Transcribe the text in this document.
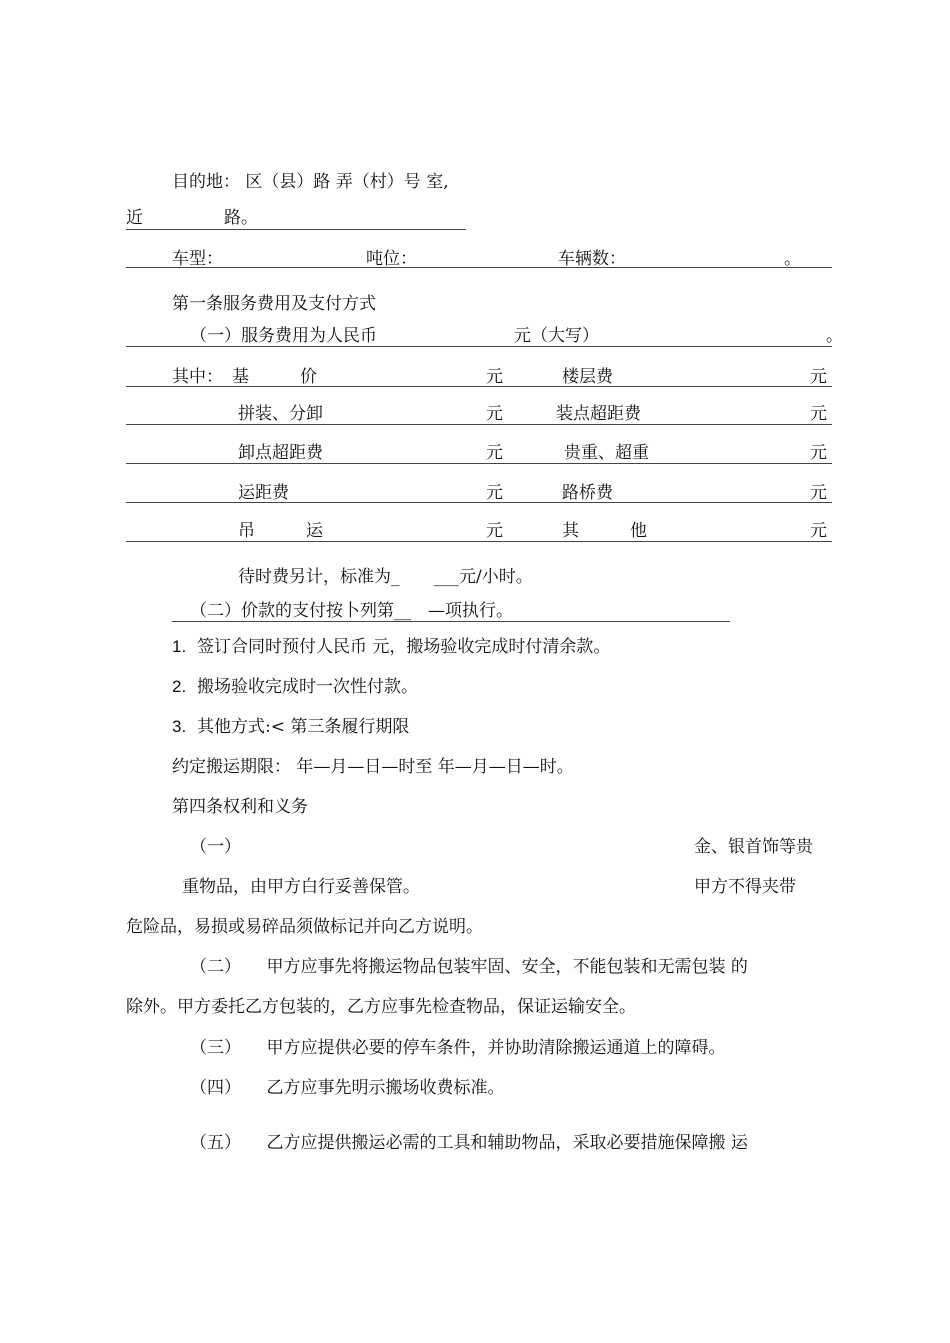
目的地： 区（县）路 弄（村）号 室,
近	路。
车型：	吨位：	车辆数：	。
第一条服务费用及支付方式
（一）服务费用为人民币	元（大写）	。
其中： 基　　　价	元	楼层费	元
拼装、分卸	元	装点超距费	元
卸点超距费	元	贵重、超重	元
运距费	元	路桥费	元
吊　　　运	元	其　　　他	元
待时费另计，标准为_　　___元/小时。
（二）价款的支付按卜列第__　—项执行。
1. 签订合同时预付人民币 元，搬场验收完成时付清余款。
2. 搬场验收完成时一次性付款。
3. 其他方式:< 第三条履行期限
约定搬运期限： 年—月—日—时至 年—月—日—时。
第四条权利和义务
（一）	金、银首饰等贵
重物品，由甲方白行妥善保管。	甲方不得夹带
危险品，易损或易碎品须做标记并向乙方说明。
（二）　　甲方应事先将搬运物品包装牢固、安全，不能包装和无需包装 的
除外。甲方委托乙方包装的，乙方应事先检查物品，保证运输安全。
（三）　　甲方应提供必要的停车条件，并协助清除搬运通道上的障碍。
（四）　　乙方应事先明示搬场收费标准。
（五）　　乙方应提供搬运必需的工具和辅助物品，采取必要措施保障搬 运
